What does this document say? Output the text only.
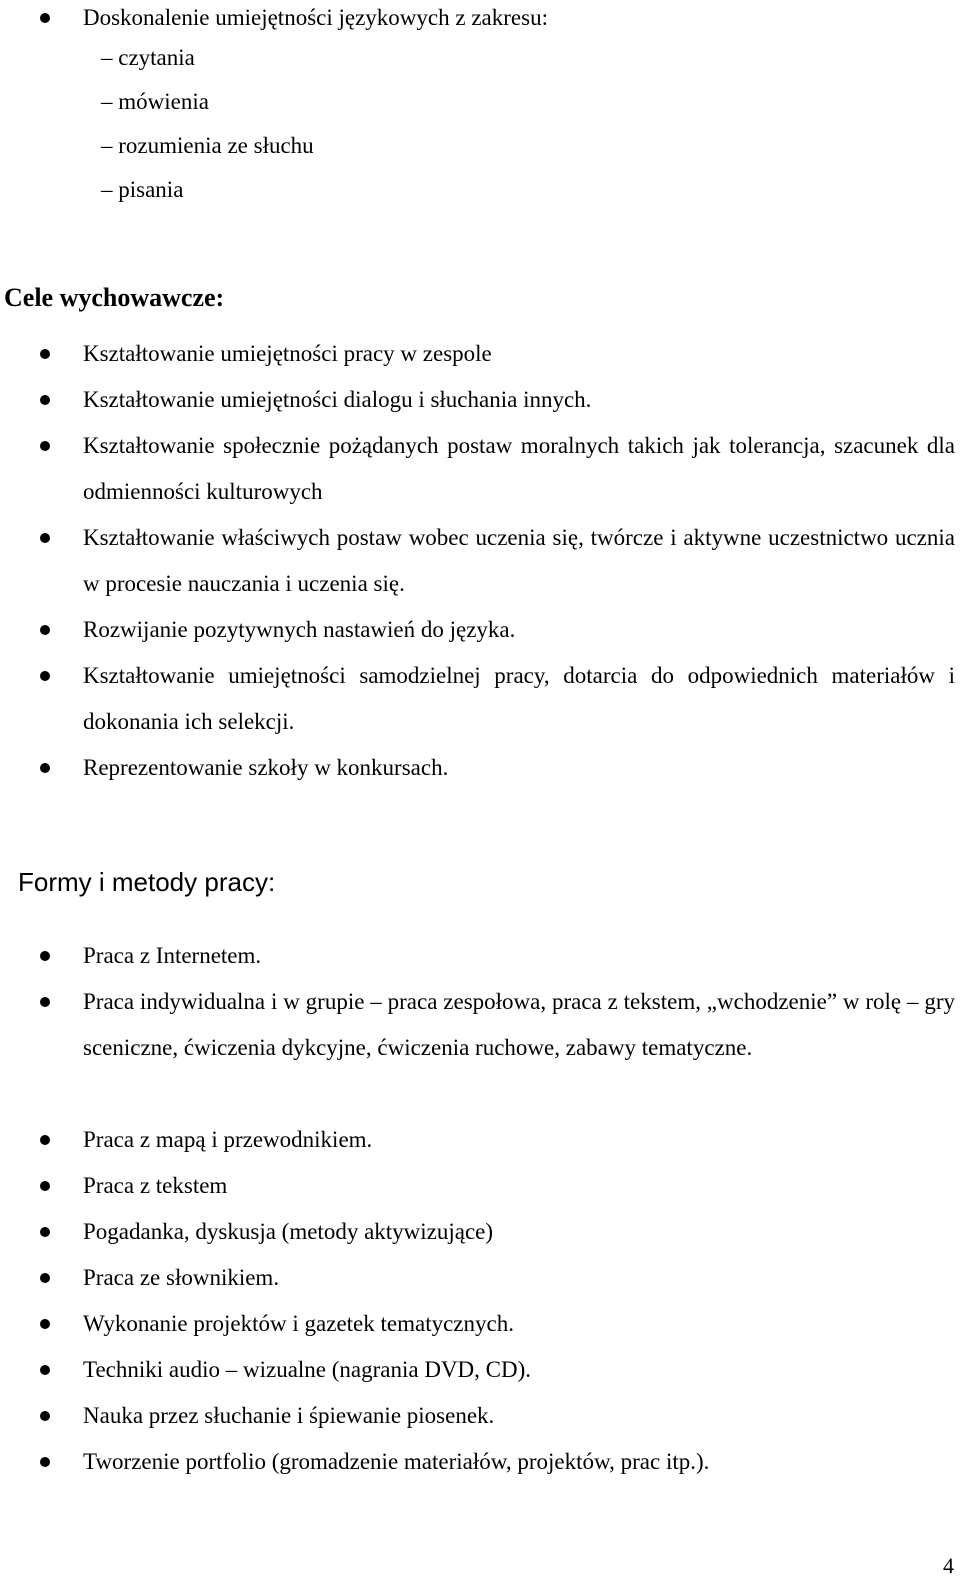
Doskonalenie umiejętności językowych z zakresu:

– czytania

– mówienia

– rozumienia ze słuchu

– pisania

Cele wychowawcze:

Kształtowanie umiejętności pracy w zespole

Kształtowanie umiejętności dialogu i słuchania innych.

Kształtowanie społecznie pożądanych postaw moralnych takich jak tolerancja, szacunek dla odmienności kulturowych

Kształtowanie właściwych postaw wobec uczenia się, twórcze i aktywne uczestnictwo ucznia w procesie nauczania i uczenia się.

Rozwijanie pozytywnych nastawień do języka.

Kształtowanie umiejętności samodzielnej pracy, dotarcia do odpowiednich materiałów i dokonania ich selekcji.

Reprezentowanie szkoły w konkursach.

Formy i metody pracy:

Praca z Internetem.

Praca indywidualna i w grupie – praca zespołowa, praca z tekstem, „wchodzenie” w rolę – gry sceniczne, ćwiczenia dykcyjne, ćwiczenia ruchowe, zabawy tematyczne.

Praca z mapą i przewodnikiem.

Praca z tekstem

Pogadanka, dyskusja (metody aktywizujące)

Praca ze słownikiem.

Wykonanie projektów i gazetek tematycznych.

Techniki audio – wizualne (nagrania DVD, CD).

Nauka przez słuchanie i śpiewanie piosenek.

Tworzenie portfolio (gromadzenie materiałów, projektów, prac itp.).

4
